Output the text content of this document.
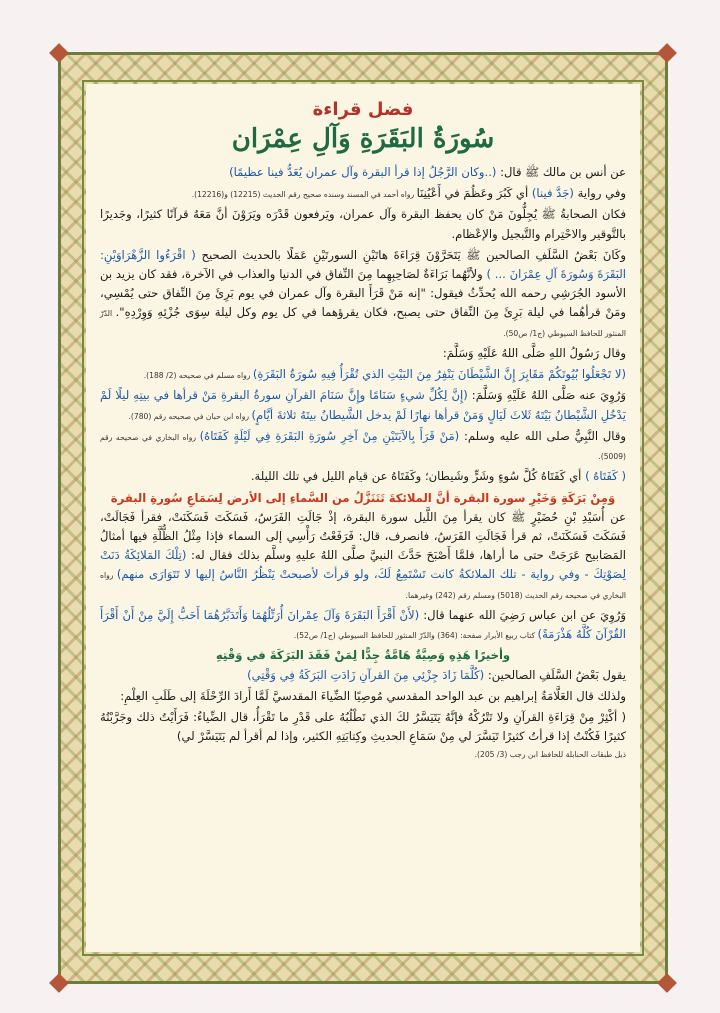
فضل قراءة
سُورَةُ البَقَرَةِ وَآلِ عِمْرَان
عن أنس بن مالك ﷺ قال: (..وكان الرَّجُلُ إذا قرأ البقرة وآل عمران يُعَدُّ فينا عظيمًا)
وفي رواية (جَدَّ فينا) أي كَبُرَ وعَظُمَ في أَعْيُنِنَا رواه أحمد في المسند وسنده صحيح رقم الحديث (12215) و(12216).
فكان الصحابةُ ﷺ يُجِلُّونَ مَنْ كان يحفظ البقرة وآل عمران، ويَرفعون قَدْرَه ويَرَوْنَ أنَّ مَعَهُ قرآنًا كثيرًا، وجَديرًا بالتَّوقير والاحْتِرام والتَّبجيل والإعْظام.
وكَانَ بَعْضُ السَّلَفِ الصالحين ﷺ يَتَحَرَّوْنَ قِرَاءَةَ هاتَيْنِ السورتَيْنِ عَمَلًا بالحديث الصحيح ( اقْرَءُوا الزَّهْرَاوَيْنِ: البَقَرَةَ وَسُورَةَ آلِ عِمْرَانَ ... ) ولأنَّهُما بَرَاءَةٌ لصَاحِبِهِما مِنَ النِّفاق في الدنيا والعذاب في الآخرة، فقد كان يزيد بن الأسود الجُرَشِي رحمه الله يُحدِّثُ فيقول: "إنه مَنْ قَرَأَ البقرة وآل عمران في يوم بَرِئَ مِنَ النِّفاق حتى يُمْسِي، ومَنْ قرأهُما في ليلة بَرِئَ مِنَ النِّفاق حتى يصبح، فكان يقرؤهما في كل يوم وكل ليلة سِوَى جُزْئِهِ وَوِرْدِهِ". الدّرّ المنثور للحافظ السيوطي (ج1/ ص50).
وقال رَسُولُ اللهِ صَلَّى اللهُ عَلَيْهِ وَسَلَّمَ:
(لا تَجْعَلُوا بُيُوتَكُمْ مَقَابِرَ إِنَّ الشَّيْطَانَ يَنْفِرُ مِنَ البَيْتِ الذي تُقْرَأُ فِيهِ سُورَةُ البَقَرَةِ) رواه مسلم في صحيحه (2/ 188).
وَرُوِيَ عنه صَلَّى اللهُ عَلَيْهِ وَسَلَّمَ: (إِنَّ لِكُلِّ شيءٍ سَنَامًا وإِنَّ سَنَامَ القرآنِ سورةُ البقرةِ مَنْ قرأها في بيتِهِ ليلًا لَمْ يَدْخُلِ الشَّيْطانُ بَيْتَهُ ثَلاثَ لَيَالٍ وَمَنْ قرأها نهارًا لَمْ يدخل الشَّيطانُ بيتَهُ ثلاثةَ أيَّامٍ) رواه ابن حبان في صحيحه رقم (780).
وقال النَّبِيُّ صلى الله عليه وسلم: (مَنْ قَرَأَ بِالآيَتَيْنِ مِنْ آخِرِ سُورَةِ البَقَرَةِ فِي لَيْلَةٍ كَفَتَاهُ) رواه البخاري في صحيحه رقم (5009).
( كَفَتَاهُ ) أي كَفَتَاهُ كُلَّ سُوءٍ وشَرٍّ وشَيطان؛ وكَفَتَاهُ عن قيام الليل في تلك الليلة.
وَمِنْ بَرَكَةِ وَخَيْرِ سورة البقرة أنَّ الملائكةَ تَتَنَزَّلُ من السَّماءِ إلى الأرض لِسَمَاعِ سُورةِ البقرة
عن أُسَيْدِ بْنِ حُضَيْرٍ ﷺ كان يقرأ مِنَ اللَّيل سورة البقرة، إذْ جَالَتِ الفَرَسُ، فَسَكَتَ فَسَكَنَتْ، فقرأ فَجَالَتْ، فَسَكَتَ فَسَكَنَتْ، ثم قرأ فَجَالَتِ الفَرَسُ، فانصرف، قال: فَرَفَعْتُ رَأْسِي إلى السماء فإذا مِثْلُ الظُّلَّةِ فيها أمثالُ المَصَابيح عَرَجَتْ حتى ما أراها، فلمَّا أَصْبَحَ حَدَّثَ النبيَّ صلَّى اللهُ عليهِ وسلَّم بذلك فقال له: (تِلْكَ المَلائِكَةُ دَنَتْ لِصَوْتِكَ - وفي رواية - تلك الملائكةُ كانت تَسْتَمِعُ لَكَ، ولو قرأتَ لأصبحتْ يَنْظُرُ النَّاسُ إليها لا تَتَوَارَى منهم) رواه البخاري في صحيحه رقم الحديث (5018) ومسلم رقم (242) وغيرهما.
وَرُوِيَ عن ابن عباس رَضِيَ الله عنهما قال: (لأَنْ أَقْرَأَ البَقَرَةَ وَآلَ عِمْرانَ أُرَتِّلُهُمَا وَأَتَدَبَّرُهُمَا أَحَبُّ إِلَيَّ مِنْ أَنْ أَقْرَأَ القُرْآنَ كُلَّهُ هَذْرَمَةً) كتاب ربيع الأبرار صفحة: (364) والدّرّ المنثور للحافظ السيوطي (ج1/ ص52).
وأخيرًا هَذِهِ وَصِيَّةٌ هَامَّةٌ جِدًّا لِمَنْ فَقَدَ البَرَكَةَ في وَقْتِهِ
يقول بَعْضُ السَّلَفِ الصالحين: (كُلَّمَا زَادَ جِزْئِي مِنَ القرآنِ زَادَتِ البَرَكَةُ فِي وَقْتِي)
ولذلك قال العَلَّامَةُ إبراهيم بن عبد الواحد المقدسي مُوصِيًا الضِّياءَ المقدسيَّ لَمَّا أَرادَ الرِّحْلَةَ إلى طَلَبِ العِلْمِ:
( أكْثِرْ مِنْ قِرَاءَةِ القرآنِ ولا تَتْرُكْهُ فإنَّهُ يَتَيَسَّرُ لكَ الذي تَطْلُبُهُ على قَدْرِ ما تَقْرَأُ، قال الضِّياءُ: فَرَأَيْتُ ذلك وجَرَّبْتُهُ كثيرًا فَكُنْتُ إذا قرأتُ كثيرًا تَيَسَّرَ لي مِنْ سَمَاعِ الحديثِ وكِتابَتِهِ الكثير، وإذا لم أقرأ لم يَتَيَسَّرْ لي)
ذيل طبقات الحنابلة للحافظ ابن رجب (3/ 205).
